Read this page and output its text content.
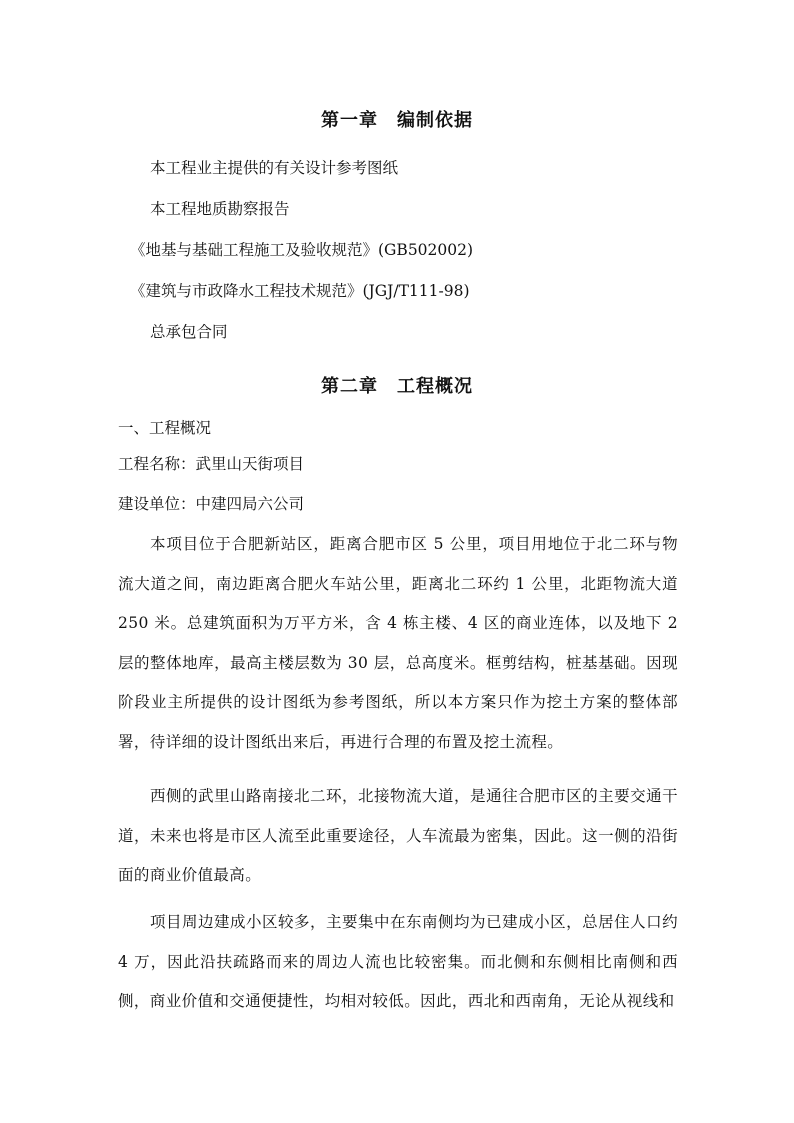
第一章　编制依据
本工程业主提供的有关设计参考图纸
本工程地质勘察报告
《地基与基础工程施工及验收规范》(GB502002)
《建筑与市政降水工程技术规范》(JGJ/T111-98)
总承包合同
第二章　工程概况
一、工程概况
工程名称：武里山天街项目
建设单位：中建四局六公司
本项目位于合肥新站区，距离合肥市区 5 公里，项目用地位于北二环与物流大道之间，南边距离合肥火车站公里，距离北二环约 1 公里，北距物流大道 250 米。总建筑面积为万平方米，含 4 栋主楼、4 区的商业连体，以及地下 2 层的整体地库，最高主楼层数为 30 层，总高度米。框剪结构，桩基基础。因现阶段业主所提供的设计图纸为参考图纸，所以本方案只作为挖土方案的整体部署，待详细的设计图纸出来后，再进行合理的布置及挖土流程。
西侧的武里山路南接北二环，北接物流大道，是通往合肥市区的主要交通干道，未来也将是市区人流至此重要途径，人车流最为密集，因此。这一侧的沿街面的商业价值最高。
项目周边建成小区较多，主要集中在东南侧均为已建成小区，总居住人口约 4 万，因此沿扶疏路而来的周边人流也比较密集。而北侧和东侧相比南侧和西侧，商业价值和交通便捷性，均相对较低。因此，西北和西南角，无论从视线和
